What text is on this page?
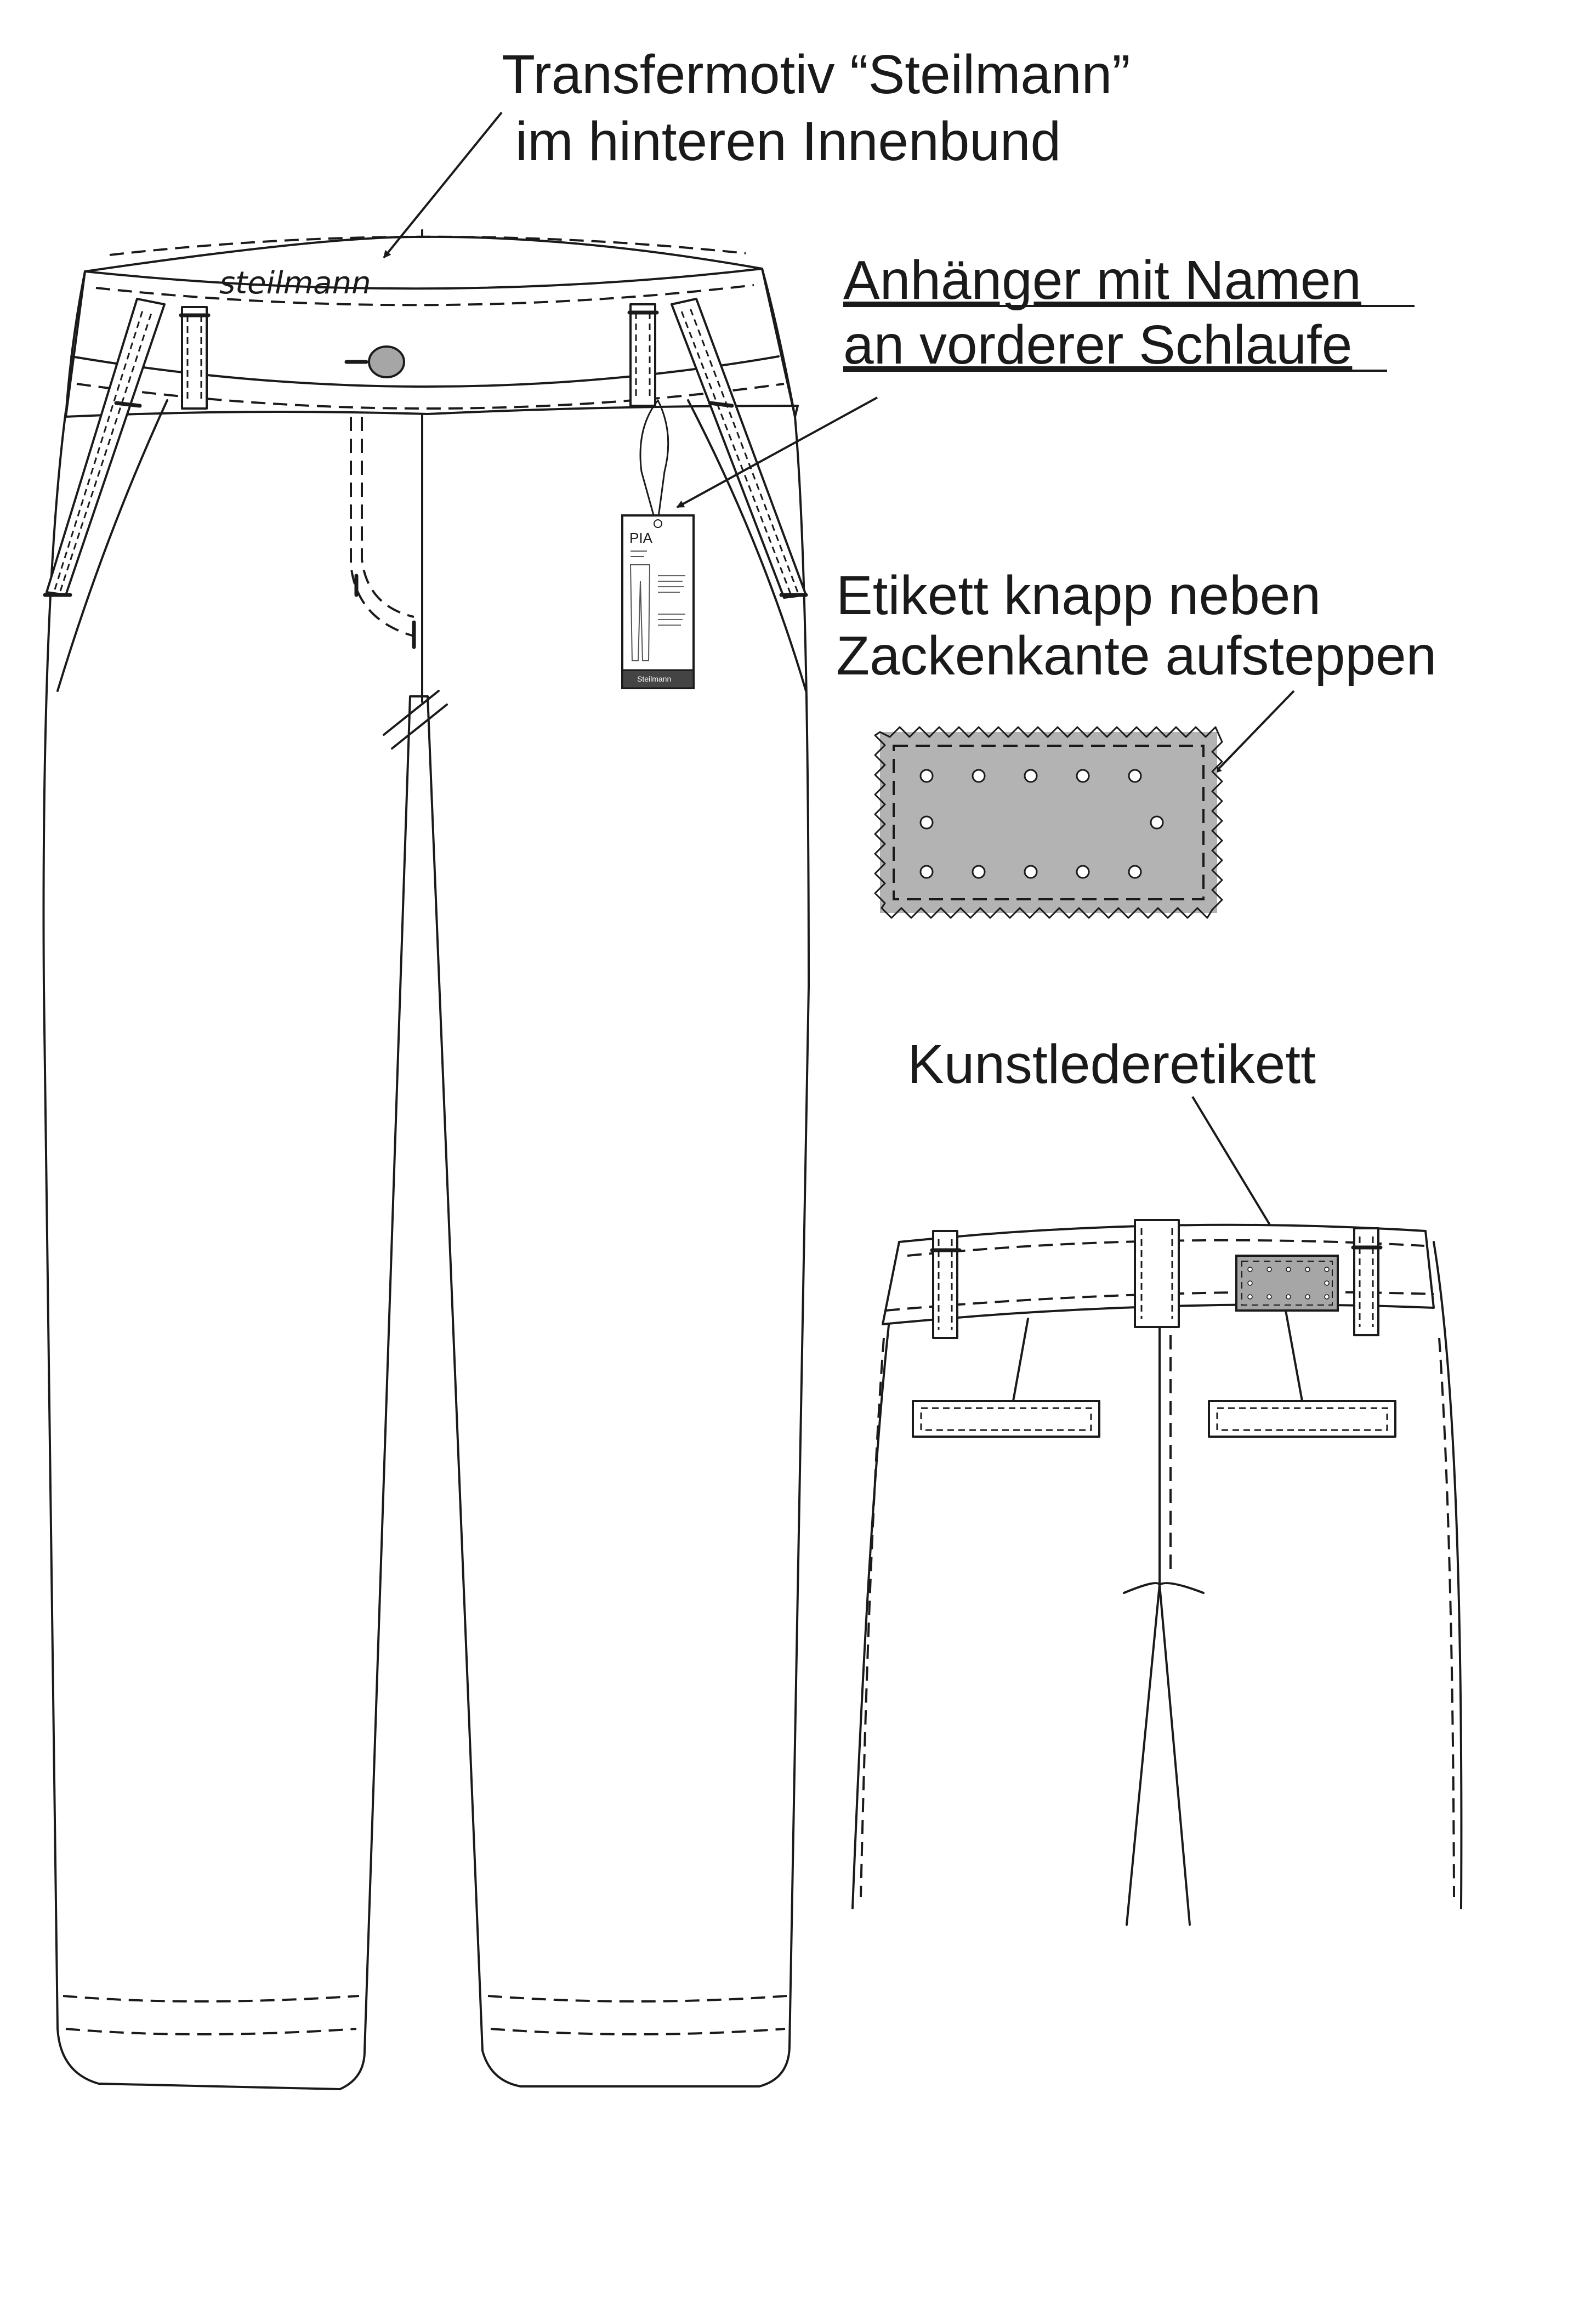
steilmann
PIA
Steilmann
Transfermotiv “Steilmann”
im hinteren Innenbund
Anhänger mit Namen
an vorderer Schlaufe
Etikett knapp neben
Zackenkante aufsteppen
Kunstlederetikett
